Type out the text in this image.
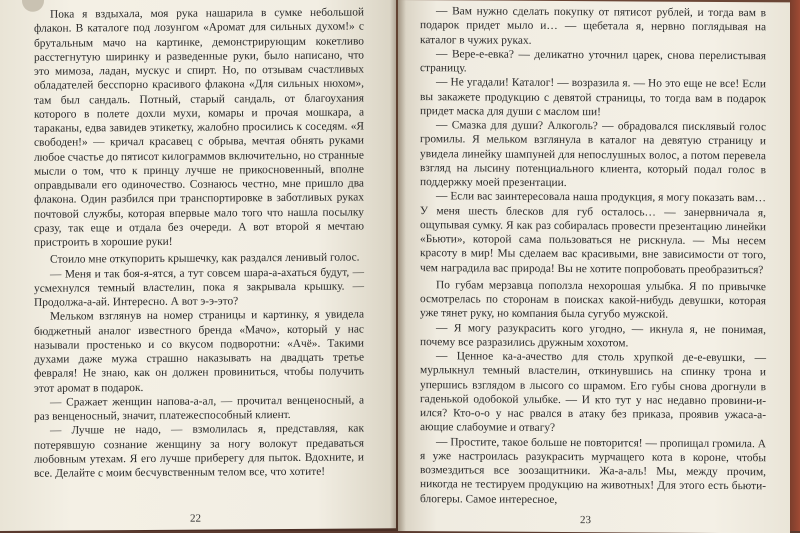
Пока я вздыхала, моя рука нашарила в сумке небольшой флакон. В каталоге под лозунгом «Аромат для сильных духом!» с брутальным мачо на картинке, демонстрирующим кокетливо расстегнутую ширинку и разведенные руки, было написано, что это мимоза, ладан, мускус и спирт. Но, по отзывам счастливых обладателей бесспорно красивого флакона «Для сильных нюхом», там был сандаль. Потный, старый сандаль, от благоухания которого в полете дохли мухи, комары и прочая мошкара, а тараканы, едва завидев этикетку, жалобно просились к соседям. «Я свободен!» — кричал красавец с обрыва, мечтая обнять руками любое счастье до пятисот килограммов включительно, но странные мысли о том, что к принцу лучше не прикосновенный, вполне оправдывали его одиночество. Сознаюсь честно, мне пришло два флакона. Один разбился при транспортировке в заботливых руках почтовой службы, которая впервые мало того что нашла посылку сразу, так еще и отдала без очереди. А вот второй я мечтаю пристроить в хорошие руки!

Стоило мне откупорить крышечку, как раздался ленивый голос.

— Меня и так боя-я-ятся, а тут совсем шара-а-ахаться будут, — усмехнулся темный властелин, пока я закрывала крышку. — Продолжа-а-ай. Интересно. А вот э-э-это?

Мельком взглянув на номер страницы и картинку, я увидела бюджетный аналог известного бренда «Мачо», который у нас называли простенько и со вкусом подворотни: «Ачё». Такими духами даже мужа страшно наказывать на двадцать третье февраля! Не знаю, как он должен провиниться, чтобы получить этот аромат в подарок.

— Сражает женщин напова-а-ал, — прочитал венценосный, а раз венценосный, значит, платежеспособный клиент.

— Лучше не надо, — взмолилась я, представляя, как потерявшую сознание женщину за ногу волокут предаваться любовным утехам. Я его лучше приберегу для пыток. Вдохните, и все. Делайте с моим бесчувственным телом все, что хотите!

22

— Вам нужно сделать покупку от пятисот рублей, и тогда вам в подарок придет мыло и… — щебетала я, нервно поглядывая на каталог в чужих руках.

— Вере-е-евка? — деликатно уточнил царек, снова перелистывая страницу.

— Не угадали! Каталог! — возразила я. — Но это еще не все! Если вы закажете продукцию с девятой страницы, то тогда вам в подарок придет маска для души с маслом ши!

— Смазка для души? Алкоголь? — обрадовался писклявый голос громилы. Я мельком взглянула в каталог на девятую страницу и увидела линейку шампуней для непослушных волос, а потом перевела взгляд на лысину потенциального клиента, который подал голос в поддержку моей презентации.

— Если вас заинтересовала наша продукция, я могу показать вам… У меня шесть блесков для губ осталось… — занервничала я, ощупывая сумку. Я как раз собиралась провести презентацию линейки «Бьюти», которой сама пользоваться не рискнула. — Мы несем красоту в мир! Мы сделаем вас красивыми, вне зависимости от того, чем наградила вас природа! Вы не хотите попробовать преобразиться?

По губам мерзавца поползла нехорошая улыбка. Я по привычке осмотрелась по сторонам в поисках какой-нибудь девушки, которая уже тянет руку, но компания была сугубо мужской.

— Я могу разукрасить кого угодно, — икнула я, не понимая, почему все разразились дружным хохотом.

— Ценное ка-а-ачество для столь хрупкой де-е-евушки, — мурлыкнул темный властелин, откинувшись на спинку трона и упершись взглядом в лысого со шрамом. Его губы снова дрогнули в гаденькой одобокой улыбке. — И кто тут у нас недавно провини-и-ился? Кто-о-о у нас рвался в атаку без приказа, проявив ужаса-а-ающие слабоумие и отвагу?

— Простите, такое больше не повторится! — пропищал громила. А я уже настроилась разукрасить мурчащего кота в короне, чтобы возмездиться все зоозащитники. Жа-а-аль! Мы, между прочим, никогда не тестируем продукцию на животных! Для этого есть бьюти-блогеры. Самое интересное,

23
